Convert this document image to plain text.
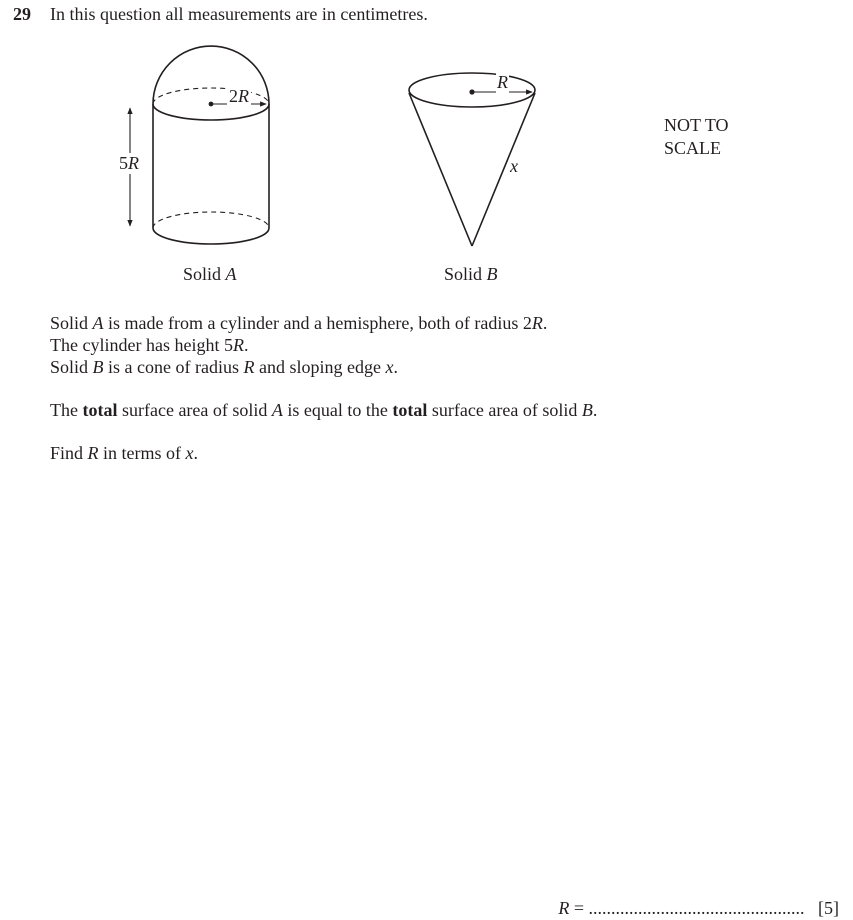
29 In this question all measurements are in centimetres.
2R
5R
Solid A
R
x
Solid B
NOT TO
SCALE
Solid A is made from a cylinder and a hemisphere, both of radius 2R.
The cylinder has height 5R.
Solid B is a cone of radius R and sloping edge x.
The total surface area of solid A is equal to the total surface area of solid B.
Find R in terms of x.
R = ................................................ [5]
